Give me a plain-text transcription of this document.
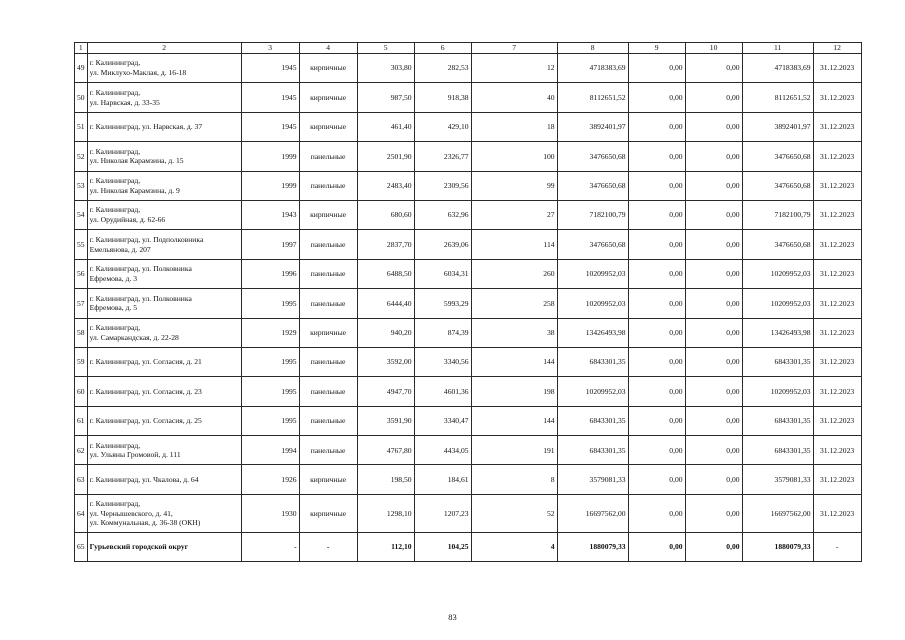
1	2	3	4	5	6	7	8	9	10	11	12
49	г. Калининград,
ул. Миклухо-Маклая, д. 16-18	1945	кирпичные	303,80	282,53	12	4718383,69	0,00	0,00	4718383,69	31.12.2023
50	г. Калининград,
ул. Нарвская, д. 33-35	1945	кирпичные	987,50	918,38	40	8112651,52	0,00	0,00	8112651,52	31.12.2023
51	г. Калининград, ул. Нарвская, д. 37	1945	кирпичные	461,40	429,10	18	3892401,97	0,00	0,00	3892401,97	31.12.2023
52	г. Калининград,
ул. Николая Карамзина, д. 15	1999	панельные	2501,90	2326,77	100	3476650,68	0,00	0,00	3476650,68	31.12.2023
53	г. Калининград,
ул. Николая Карамзина, д. 9	1999	панельные	2483,40	2309,56	99	3476650,68	0,00	0,00	3476650,68	31.12.2023
54	г. Калининград,
ул. Орудийная, д. 62-66	1943	кирпичные	680,60	632,96	27	7182100,79	0,00	0,00	7182100,79	31.12.2023
55	г. Калининград, ул. Подполковника
Емельянова, д. 207	1997	панельные	2837,70	2639,06	114	3476650,68	0,00	0,00	3476650,68	31.12.2023
56	г. Калининград, ул. Полковника
Ефремова, д. 3	1996	панельные	6488,50	6034,31	260	10209952,03	0,00	0,00	10209952,03	31.12.2023
57	г. Калининград, ул. Полковника
Ефремова, д. 5	1995	панельные	6444,40	5993,29	258	10209952,03	0,00	0,00	10209952,03	31.12.2023
58	г. Калининград,
ул. Самаркандская, д. 22-28	1929	кирпичные	940,20	874,39	38	13426493,98	0,00	0,00	13426493,98	31.12.2023
59	г. Калининград, ул. Согласия, д. 21	1995	панельные	3592,00	3340,56	144	6843301,35	0,00	0,00	6843301,35	31.12.2023
60	г. Калининград, ул. Согласия, д. 23	1995	панельные	4947,70	4601,36	198	10209952,03	0,00	0,00	10209952,03	31.12.2023
61	г. Калининград, ул. Согласия, д. 25	1995	панельные	3591,90	3340,47	144	6843301,35	0,00	0,00	6843301,35	31.12.2023
62	г. Калининград,
ул. Ульяны Громовой, д. 111	1994	панельные	4767,80	4434,05	191	6843301,35	0,00	0,00	6843301,35	31.12.2023
63	г. Калининград, ул. Чкалова, д. 64	1926	кирпичные	198,50	184,61	8	3579081,33	0,00	0,00	3579081,33	31.12.2023
64	г. Калининград,
ул. Чернышевского, д. 41,
ул. Коммунальная, д. 36-38 (ОКН)	1930	кирпичные	1298,10	1207,23	52	16697562,00	0,00	0,00	16697562,00	31.12.2023
65	Гурьевский городской округ	-	-	112,10	104,25	4	1880079,33	0,00	0,00	1880079,33	-
83
